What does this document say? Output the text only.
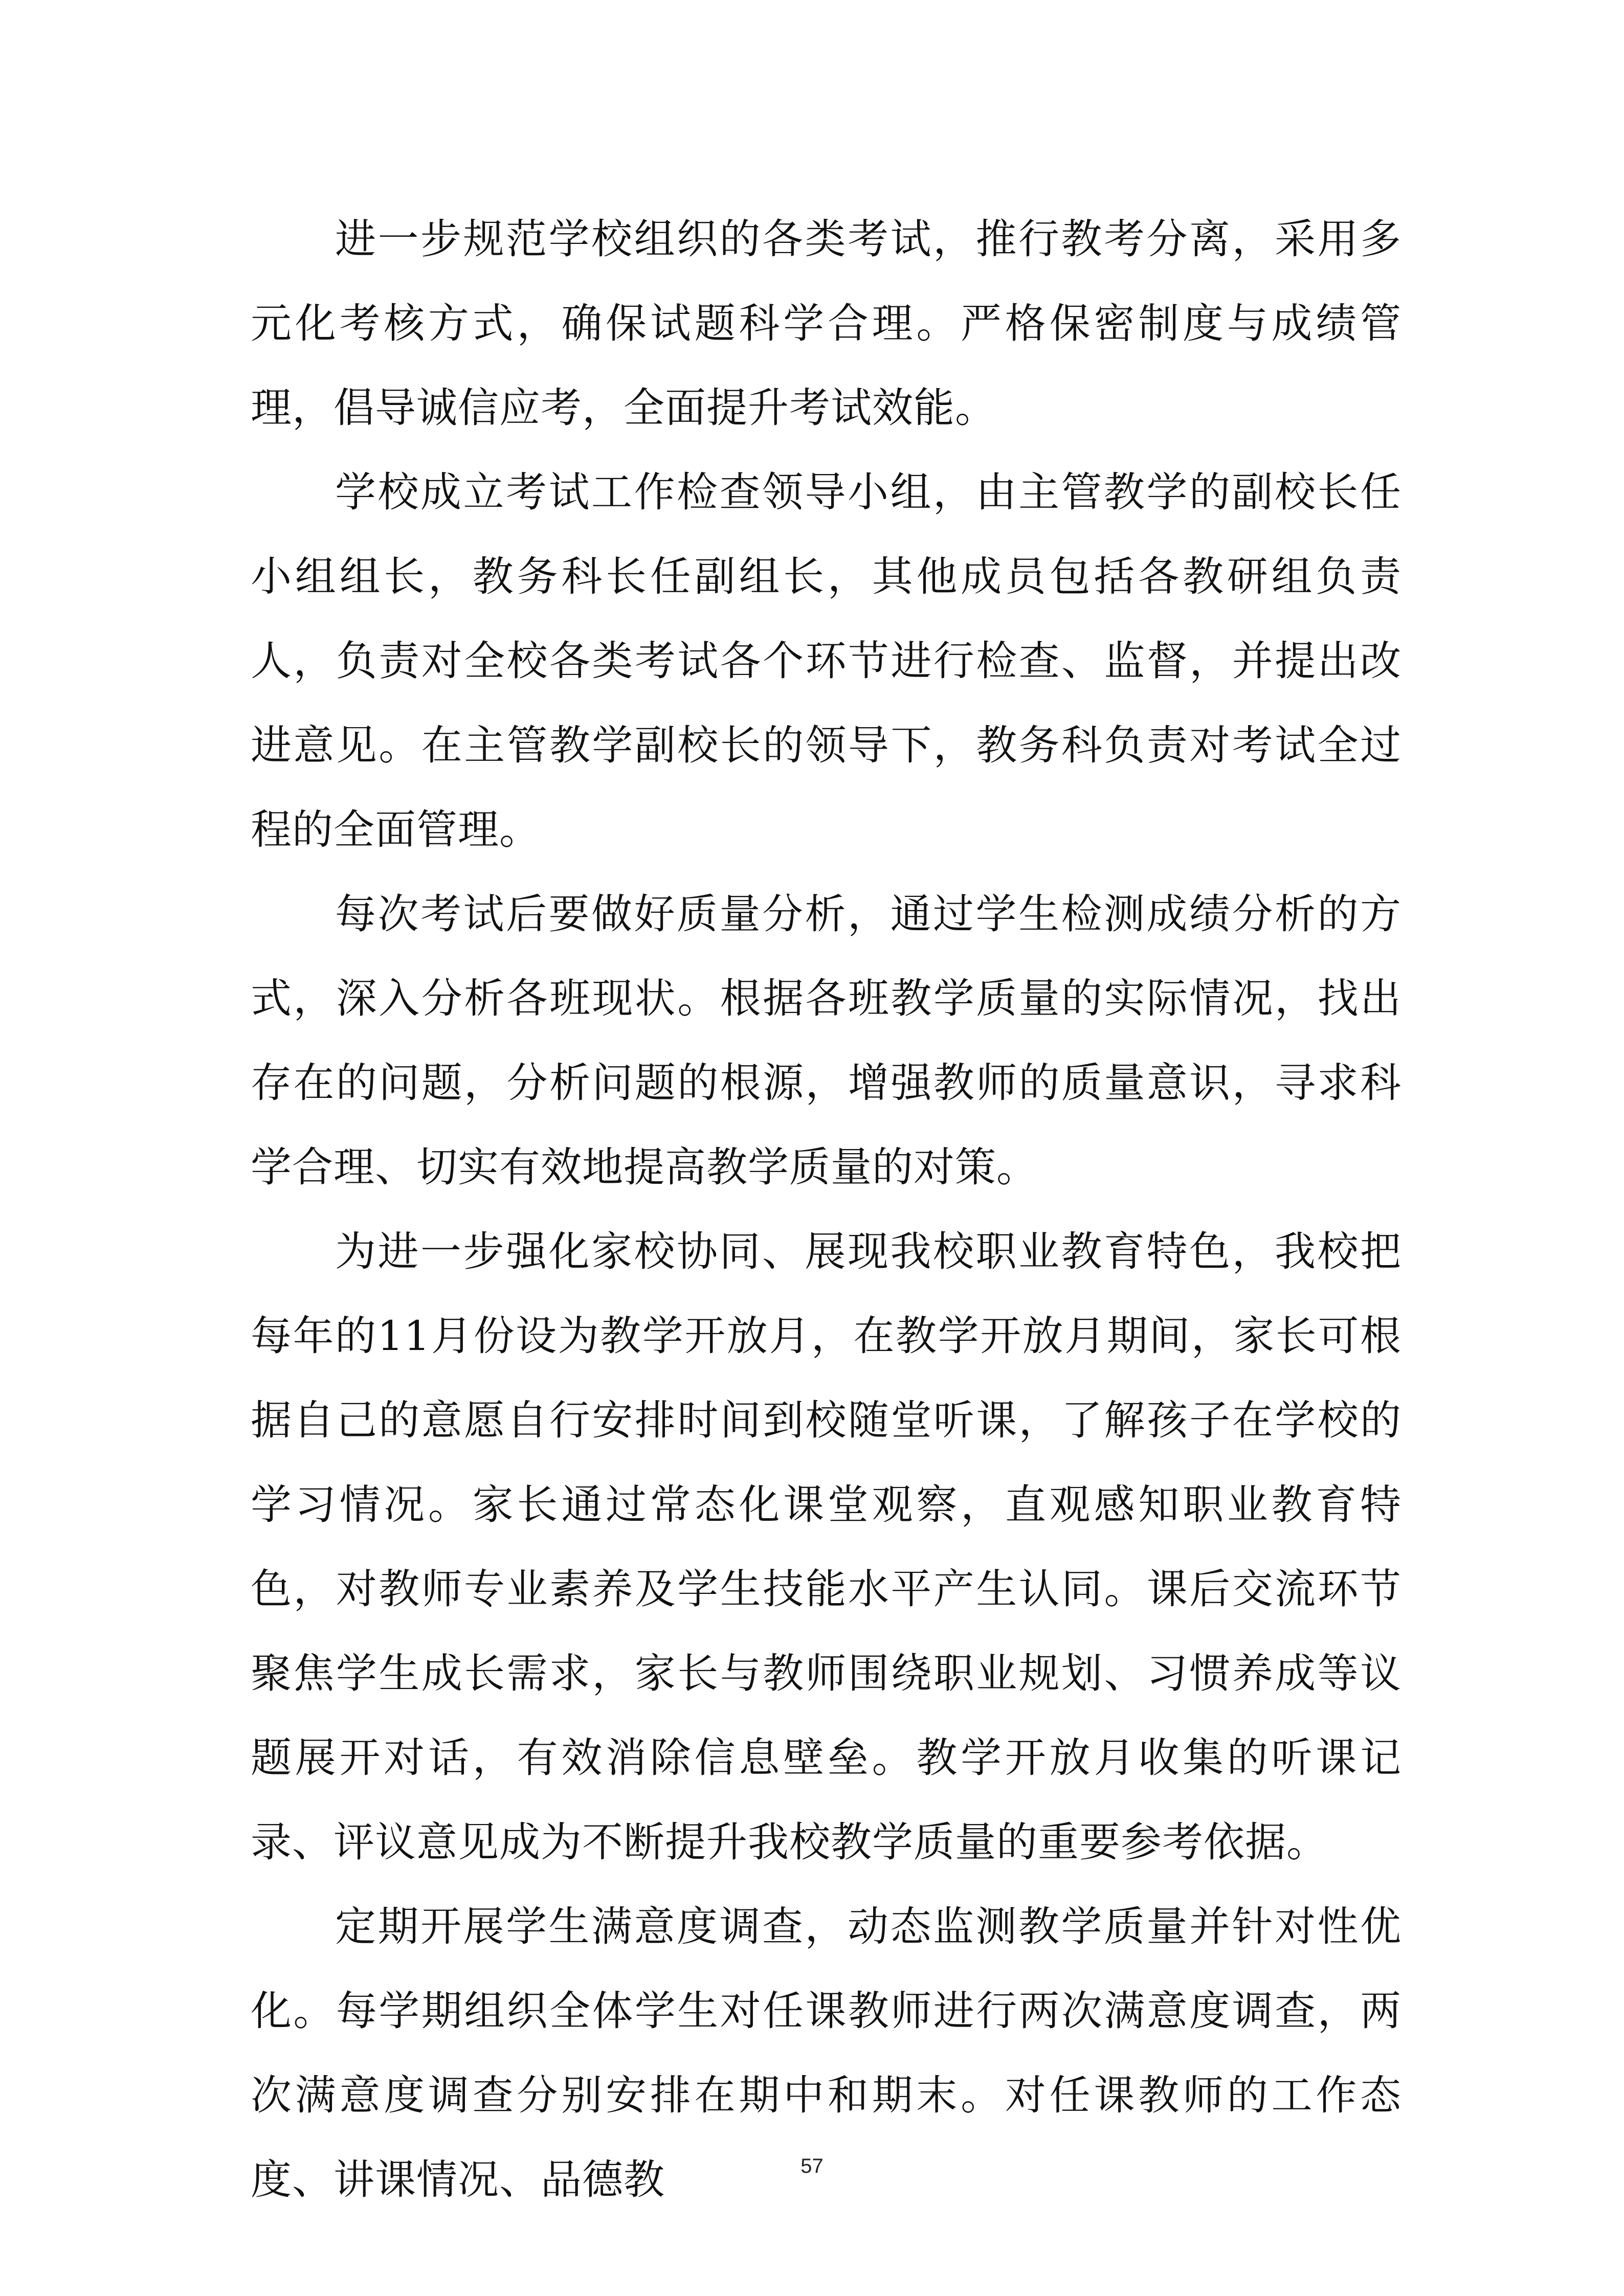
进一步规范学校组织的各类考试，推行教考分离，采用多元化考核方式，确保试题科学合理。严格保密制度与成绩管理，倡导诚信应考，全面提升考试效能。

学校成立考试工作检查领导小组，由主管教学的副校长任小组组长，教务科长任副组长，其他成员包括各教研组负责人，负责对全校各类考试各个环节进行检查、监督，并提出改进意见。在主管教学副校长的领导下，教务科负责对考试全过程的全面管理。

每次考试后要做好质量分析，通过学生检测成绩分析的方式，深入分析各班现状。根据各班教学质量的实际情况，找出存在的问题，分析问题的根源，增强教师的质量意识，寻求科学合理、切实有效地提高教学质量的对策。

为进一步强化家校协同、展现我校职业教育特色，我校把每年的11月份设为教学开放月，在教学开放月期间，家长可根据自己的意愿自行安排时间到校随堂听课，了解孩子在学校的学习情况。家长通过常态化课堂观察，直观感知职业教育特色，对教师专业素养及学生技能水平产生认同。课后交流环节聚焦学生成长需求，家长与教师围绕职业规划、习惯养成等议题展开对话，有效消除信息壁垒。教学开放月收集的听课记录、评议意见成为不断提升我校教学质量的重要参考依据。

定期开展学生满意度调查，动态监测教学质量并针对性优化。每学期组织全体学生对任课教师进行两次满意度调查，两次满意度调查分别安排在期中和期末。对任课教师的工作态度、讲课情况、品德教	57
